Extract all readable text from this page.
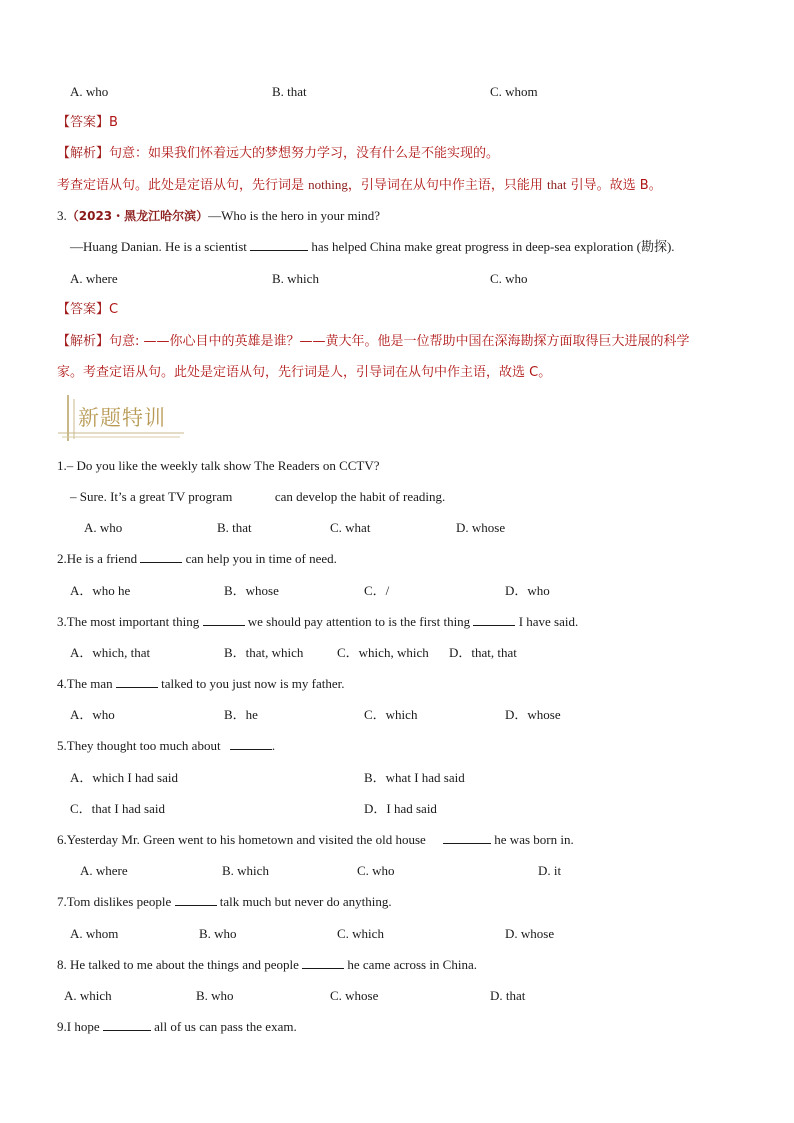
A. who	B. that	C. whom
【答案】B
【解析】句意：如果我们怀着远大的梦想努力学习，没有什么是不能实现的。
考查定语从句。此处是定语从句，先行词是 nothing，引导词在从句中作主语，只能用 that 引导。故选 B。
3.（2023・黑龙江哈尔滨）—Who is the hero in your mind?
—Huang Danian. He is a scientist	has helped China make great progress in deep-sea exploration (勘探).
A. where	B. which	C. who
【答案】C
【解析】句意: ——你心目中的英雄是谁？——黄大年。他是一位帮助中国在深海勘探方面取得巨大进展的科学
家。考查定语从句。此处是定语从句，先行词是人，引导词在从句中作主语，故选 C。
新题特训
1.– Do you like the weekly talk show The Readers on CCTV?
– Sure. It’s a great TV program	can develop the habit of reading.
A. who	B. that	C. what	D. whose
2.He is a friend	can help you in time of need.
A．who he	B．whose	C．/	D．who
3.The most important thing	we should pay attention to is the first thing	I have said.
A．which, that	B．that, which	C．which, which D．that, that
4.The man	talked to you just now is my father.
A．who	B．he	C．which	D．whose
5.They thought too much about	.
A．which I had said	B．what I had said
C．that I had said	D．I had said
6.Yesterday Mr. Green went to his hometown and visited the old house	he was born in.
A. where	B. which	C. who	D. it
7.Tom dislikes people	talk much but never do anything.
A. whom	B. who	C. which	D. whose
8. He talked to me about the things and people	he came across in China.
A. which	B. who	C. whose	D. that
9.I hope	all of us can pass the exam.
